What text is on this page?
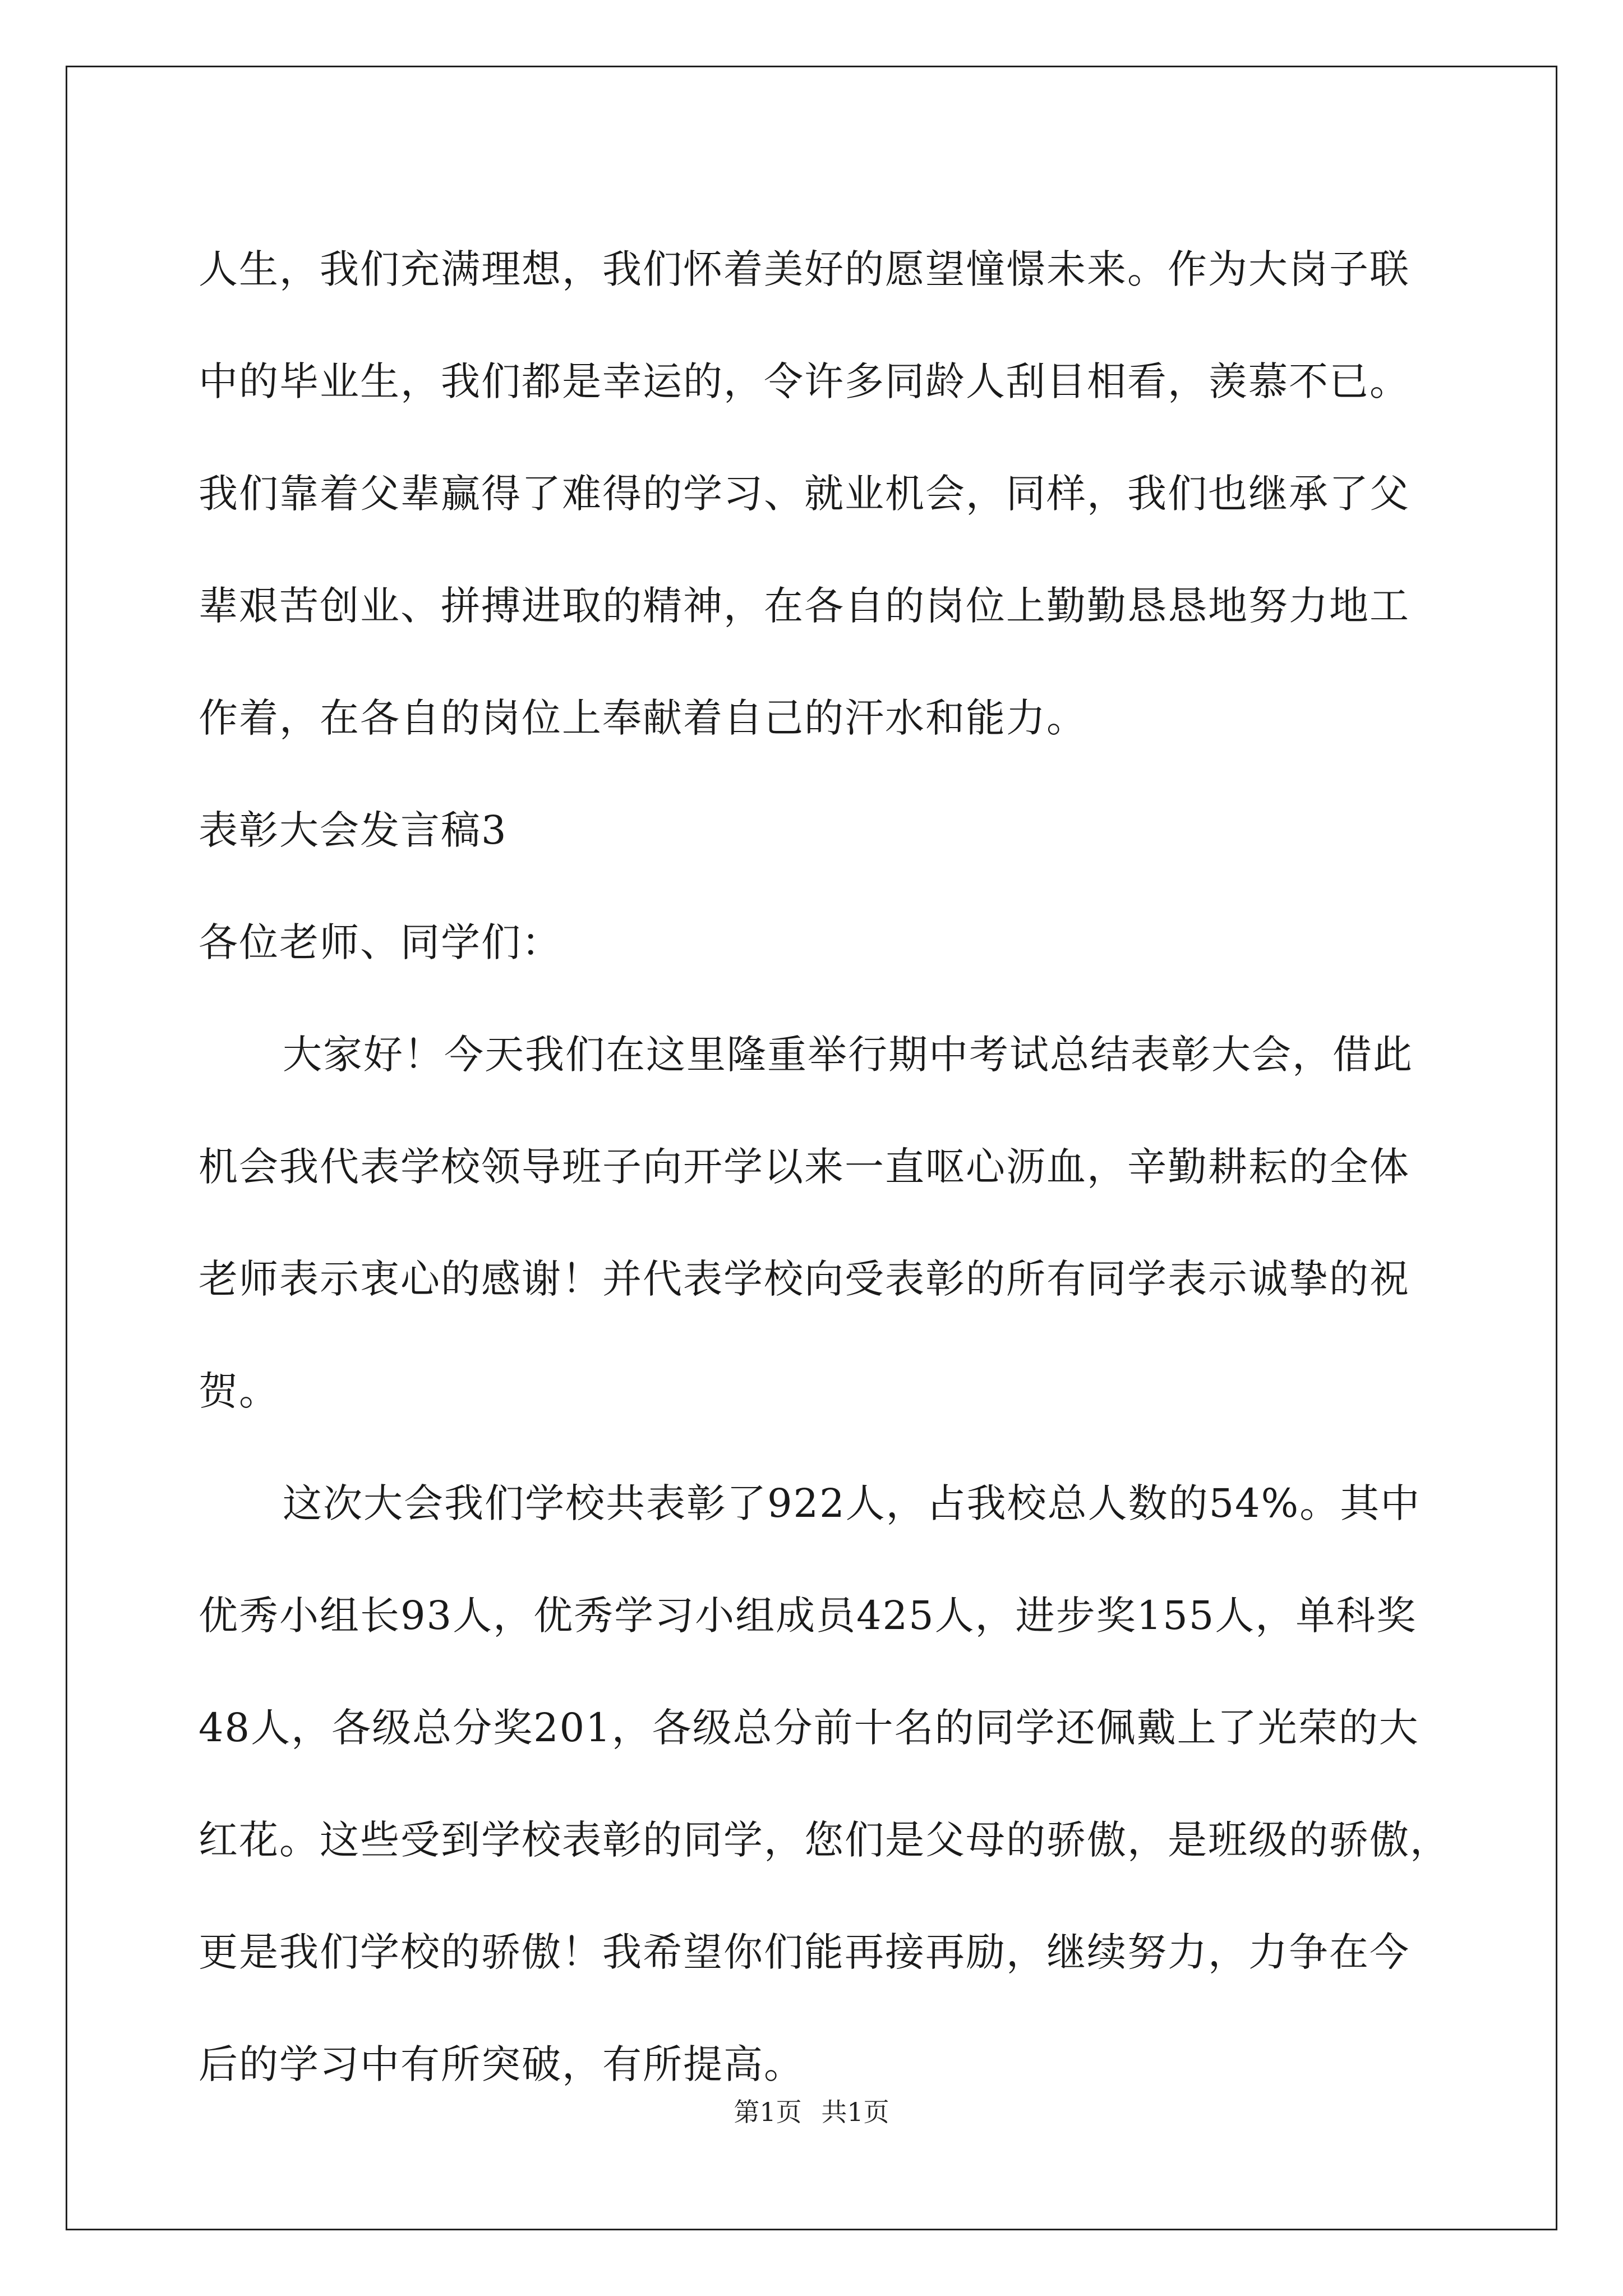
人生，我们充满理想，我们怀着美好的愿望憧憬未来。作为大岗子联
中的毕业生，我们都是幸运的，令许多同龄人刮目相看，羡慕不已。
我们靠着父辈赢得了难得的学习、就业机会，同样，我们也继承了父
辈艰苦创业、拼搏进取的精神，在各自的岗位上勤勤恳恳地努力地工
作着，在各自的岗位上奉献着自己的汗水和能力。
表彰大会发言稿3
各位老师、同学们：
大家好！今天我们在这里隆重举行期中考试总结表彰大会，借此
机会我代表学校领导班子向开学以来一直呕心沥血，辛勤耕耘的全体
老师表示衷心的感谢！并代表学校向受表彰的所有同学表示诚挚的祝
贺。
这次大会我们学校共表彰了922人，占我校总人数的54%。其中
优秀小组长93人，优秀学习小组成员425人，进步奖155人，单科奖
48人，各级总分奖201，各级总分前十名的同学还佩戴上了光荣的大
红花。这些受到学校表彰的同学，您们是父母的骄傲，是班级的骄傲，
更是我们学校的骄傲！我希望你们能再接再励，继续努力，力争在今
后的学习中有所突破，有所提高。
第1页 共1页
